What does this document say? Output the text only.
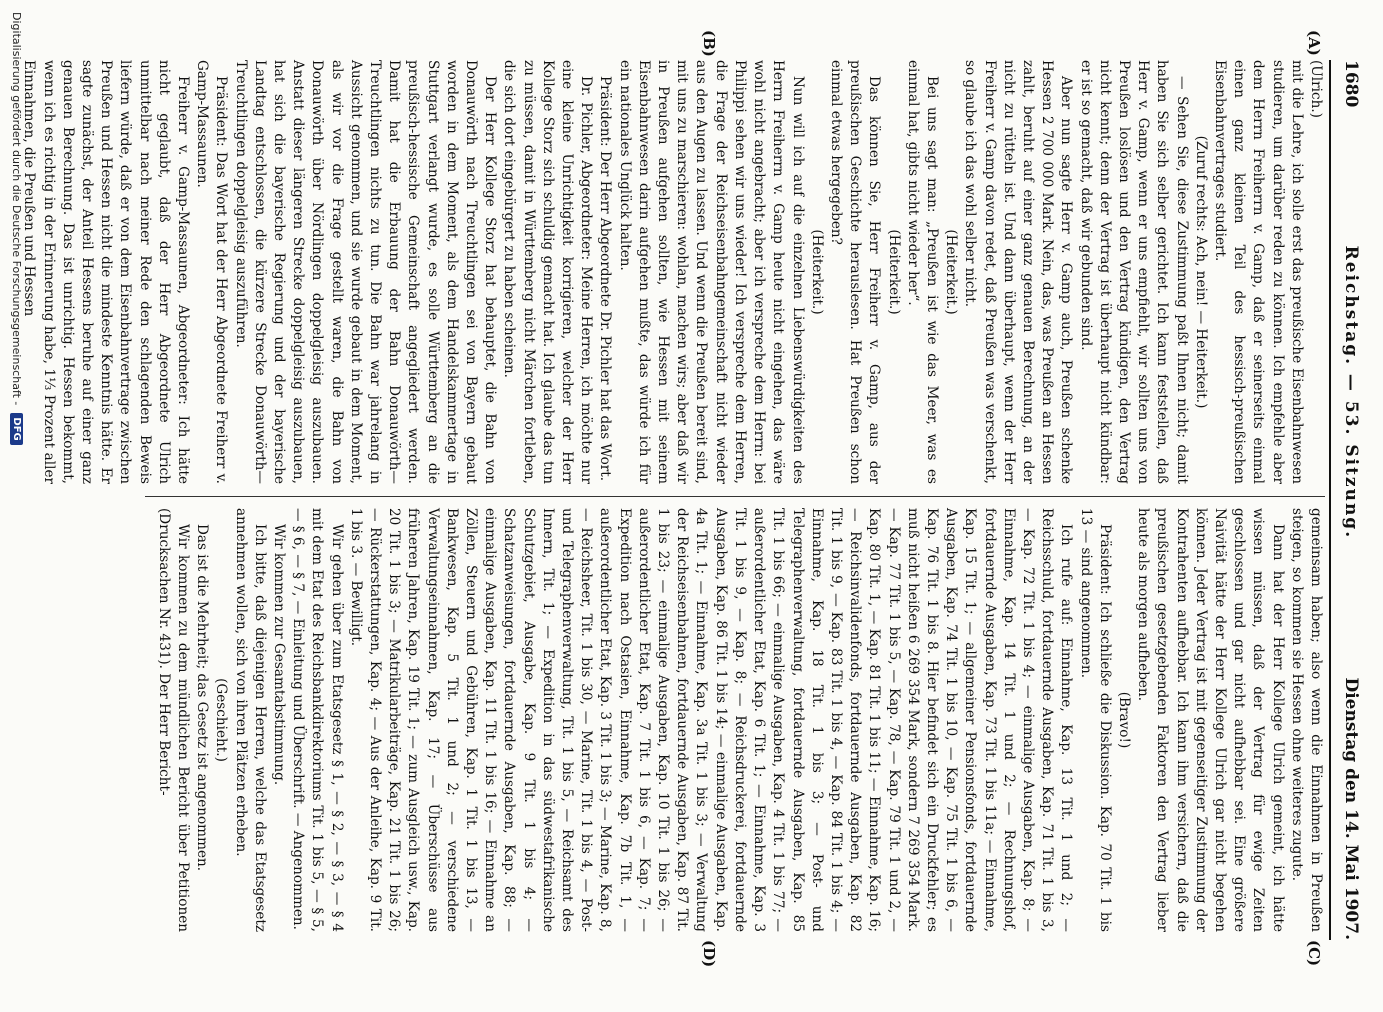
1680
Reichstag. — 53. Sitzung.
Dienstag den 14. Mai 1907.
(A)
(B)
(C)
(D)

(Ulrich.)

mit die Lehre, ich solle erst das preußische Eisenbahnwesen studieren, um darüber reden zu können. Ich empfehle aber dem Herrn Freiherrn v. Gamp, daß er seinerseits einmal einen ganz kleinen Teil des hessisch-preußischen Eisenbahnvertrages studiert.

(Zuruf rechts: Ach, nein! — Heiterkeit.)

— Sehen Sie, diese Zustimmung paßt Ihnen nicht; damit haben Sie sich selber gerichtet. Ich kann feststellen, daß Herr v. Gamp, wenn er uns empfiehlt, wir sollten uns von Preußen loslösen und den Vertrag kündigen, den Vertrag nicht kennt; denn der Vertrag ist überhaupt nicht kündbar: er ist so gemacht, daß wir gebunden sind.

Aber nun sagte Herr v. Gamp auch, Preußen schenke Hessen 2 700 000 Mark. Nein, das, was Preußen an Hessen zahlt, beruht auf einer ganz genauen Berechnung, an der nicht zu rütteln ist. Und dann überhaupt, wenn der Herr Freiherr v. Gamp davon redet, daß Preußen was verschenkt, so glaube ich das wohl selber nicht.

(Heiterkeit.)

Bei uns sagt man: „Preußen ist wie das Meer, was es einmal hat, gibts nicht wieder her“.

(Heiterkeit.)

Das können Sie, Herr Freiherr v. Gamp, aus der preußischen Geschichte herauslesen. Hat Preußen schon einmal etwas hergegeben?

(Heiterkeit.)

Nun will ich auf die einzelnen Liebenswürdigkeiten des Herrn Freiherrn v. Gamp heute nicht eingehen, das wäre wohl nicht angebracht; aber ich verspreche dem Herrn: bei Philippi sehen wir uns wieder! Ich verspreche dem Herren, die Frage der Reichseisenbahngemeinschaft nicht wieder aus den Augen zu lassen. Und wenn die Preußen bereit sind, mit uns zu marschieren: wohlan, machen wirs; aber daß wir in Preußen aufgehen sollten, wie Hessen mit seinem Eisenbahnwesen darin aufgehen mußte, das würde ich für ein nationales Unglück halten.

Präsident: Der Herr Abgeordnete Dr. Pichler hat das Wort.

Dr. Pichler, Abgeordneter: Meine Herren, ich möchte nur eine kleine Unrichtigkeit korrigieren, welcher der Herr Kollege Storz sich schuldig gemacht hat. Ich glaube das tun zu müssen, damit in Württemberg nicht Märchen fortleben, die sich dort eingebürgert zu haben scheinen.

Der Herr Kollege Storz hat behauptet, die Bahn von Donauwörth nach Treuchtlingen sei von Bayern gebaut worden in dem Moment, als dem Handelskammertage in Stuttgart verlangt wurde, es solle Württemberg an die preußisch-hessische Gemeinschaft angegliedert werden. Damit hat die Erbauung der Bahn Donauwörth—Treuchtlingen nichts zu tun. Die Bahn war jahrelang in Aussicht genommen, und sie wurde gebaut in dem Moment, als wir vor die Frage gestellt waren, die Bahn von Donauwörth über Nördlingen doppelgleisig auszubauen. Anstatt dieser längeren Strecke doppelgleisig auszubauen, hat sich die bayerische Regierung und der bayerische Landtag entschlossen, die kürzere Strecke Donauwörth—Treuchtlingen doppelgleisig auszuführen.

Präsident: Das Wort hat der Herr Abgeordnete Freiherr v. Gamp-Massaunen.

Freiherr v. Gamp-Massaunen, Abgeordneter: Ich hätte nicht geglaubt, daß der Herr Abgeordnete Ulrich unmittelbar nach meiner Rede den schlagenden Beweis liefern würde, daß er von dem Eisenbahnvertrage zwischen Preußen und Hessen nicht die mindeste Kenntnis hätte. Er sagte zunächst, der Anteil Hessens beruhe auf einer ganz genauen Berechnung. Das ist unrichtig. Hessen bekommt, wenn ich es richtig in der Erinnerung habe, 1⅓ Prozent aller Einnahmen, die Preußen und Hessen

gemeinsam haben; also wenn die Einnahmen in Preußen steigen, so kommen sie Hessen ohne weiteres zugute.

Dann hat der Herr Kollege Ulrich gemeint, ich hätte wissen müssen, daß der Vertrag für ewige Zeiten geschlossen und gar nicht aufhebbar sei. Eine größere Naivität hätte der Herr Kollege Ulrich gar nicht begehen können. Jeder Vertrag ist mit gegenseitiger Zustimmung der Kontrahenten aufhebbar. Ich kann ihm versichern, daß die preußischen gesetzgebenden Faktoren den Vertrag lieber heute als morgen aufheben.

(Bravo!)

Präsident: Ich schließe die Diskussion. Kap. 70 Tit. 1 bis 13 — sind angenommen.

Ich rufe auf: Einnahme, Kap. 13 Tit. 1 und 2; — Reichsschuld, fortdauernde Ausgaben, Kap. 71 Tit. 1 bis 3, — Kap. 72 Tit. 1 bis 4; — einmalige Ausgaben, Kap. 8; — Einnahme, Kap. 14 Tit. 1 und 2; — Rechnungshof, fortdauernde Ausgaben, Kap. 73 Tit. 1 bis 11a; — Einnahme, Kap. 15 Tit. 1; — allgemeiner Pensionsfonds, fortdauernde Ausgaben, Kap. 74 Tit. 1 bis 10, — Kap. 75 Tit. 1 bis 6, — Kap. 76 Tit. 1 bis 8. Hier befindet sich ein Druckfehler; es muß nicht heißen 6 269 354 Mark, sondern 7 269 354 Mark. — Kap. 77 Tit. 1 bis 5, — Kap. 78, — Kap. 79 Tit. 1 und 2, — Kap. 80 Tit. 1, — Kap. 81 Tit. 1 bis 11; — Einnahme, Kap. 16; — Reichsinvalidenfonds, fortdauernde Ausgaben, Kap. 82 Tit. 1 bis 9, — Kap. 83 Tit. 1 bis 4, — Kap. 84 Tit. 1 bis 4; — Einnahme, Kap. 18 Tit. 1 bis 3; — Post- und Telegraphenverwaltung, fortdauernde Ausgaben, Kap. 85 Tit. 1 bis 66; — einmalige Ausgaben, Kap. 4 Tit. 1 bis 77; — außerordentlicher Etat, Kap. 6 Tit. 1; — Einnahme, Kap. 3 Tit. 1 bis 9, — Kap. 8; — Reichsdruckerei, fortdauernde Ausgaben, Kap. 86 Tit. 1 bis 14; — einmalige Ausgaben, Kap. 4a Tit. 1; — Einnahme, Kap. 3a Tit. 1 bis 3; — Verwaltung der Reichseisenbahnen, fortdauernde Ausgaben, Kap. 87 Tit. 1 bis 23; — einmalige Ausgaben, Kap. 10 Tit. 1 bis 26; — außerordentlicher Etat, Kap. 7 Tit. 1 bis 6, — Kap. 7; — Expedition nach Ostasien, Einnahme, Kap. 7b Tit. 1, — außerordentlicher Etat, Kap. 3 Tit. 1 bis 3; — Marine, Kap. 8, — Reichsheer, Tit. 1 bis 30, — Marine, Tit. 1 bis 4, — Post- und Telegraphenverwaltung, Tit. 1 bis 5, — Reichsamt des Innern, Tit. 1; — Expedition in das südwestafrikanische Schutzgebiet, Ausgabe, Kap. 9 Tit. 1 bis 4; — Schatzanweisungen, fortdauernde Ausgaben, Kap. 88; — einmalige Ausgaben, Kap. 11 Tit. 1 bis 16; — Einnahme an Zöllen, Steuern und Gebühren, Kap. 1 Tit. 1 bis 13, — Bankwesen, Kap. 5 Tit. 1 und 2; — verschiedene Verwaltungseinnahmen, Kap. 17; — Überschüsse aus früheren Jahren, Kap. 19 Tit. 1; — zum Ausgleich usw., Kap. 20 Tit. 1 bis 3; — Matrikularbeiträge, Kap. 21 Tit. 1 bis 26; — Rückerstattungen, Kap. 4; — Aus der Anleihe, Kap. 9 Tit. 1 bis 3. — Bewilligt.

Wir gehen über zum Etatsgesetz § 1, — § 2, — § 3, — § 4 mit dem Etat des Reichsbankdirektoriums Tit. 1 bis 5, — § 5, — § 6, — § 7, — Einleitung und Überschrift. — Angenommen.

Wir kommen zur Gesamtabstimmung.

Ich bitte, daß diejenigen Herren, welche das Etatsgesetz annehmen wollen, sich von ihren Plätzen erheben.

(Geschieht.)

Das ist die Mehrheit; das Gesetz ist angenommen.

Wir kommen zu dem mündlichen Bericht über Petitionen (Drucksachen Nr. 431). Der Herr Bericht-

Digitalisierung gefördert durch die Deutsche Forschungsgemeinschaft -
DFG
